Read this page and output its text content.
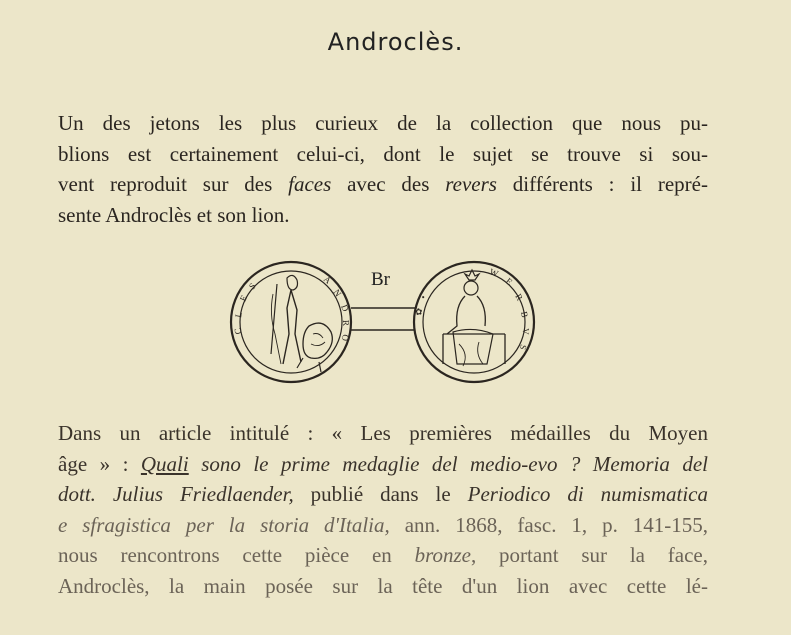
Androclès.
Un des jetons les plus curieux de la collection que nous pu-
blions est certainement celui-ci, dont le sujet se trouve si sou-
vent reproduit sur des faces avec des revers différents : il repré-
sente Androclès et son lion.
A
N
D
R
O
C
L
E
S
W
E
R
B
V
S
•
✿
Br
Dans un article intitulé : « Les premières médailles du Moyen
âge » : Quali sono le prime medaglie del medio-evo ? Memoria del
dott. Julius Friedlaender, publié dans le Periodico di numismatica
e sfragistica per la storia d'Italia, ann. 1868, fasc. 1, p. 141-155,
nous rencontrons cette pièce en bronze, portant sur la face,
Androclès, la main posée sur la tête d'un lion avec cette lé-
